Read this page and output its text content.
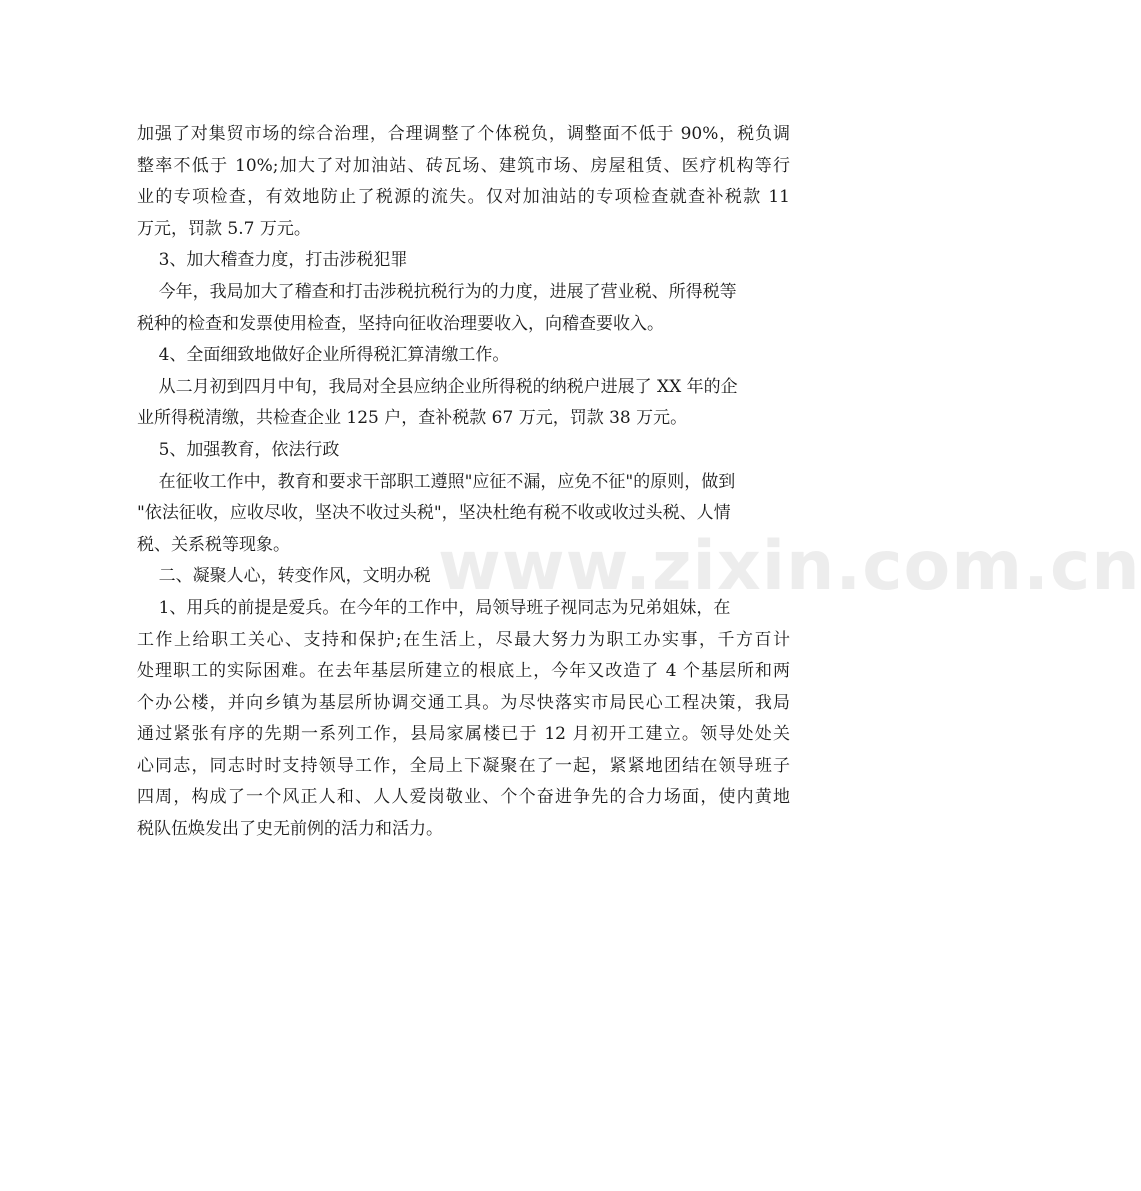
加强了对集贸市场的综合治理，合理调整了个体税负，调整面不低于 90%，税负调
整率不低于 10%;加大了对加油站、砖瓦场、建筑市场、房屋租赁、医疗机构等行
业的专项检查，有效地防止了税源的流失。仅对加油站的专项检查就查补税款 11
万元，罚款 5.7 万元。
3、加大稽查力度，打击涉税犯罪
今年，我局加大了稽查和打击涉税抗税行为的力度，进展了营业税、所得税等
税种的检查和发票使用检查，坚持向征收治理要收入，向稽查要收入。
4、全面细致地做好企业所得税汇算清缴工作。
从二月初到四月中旬，我局对全县应纳企业所得税的纳税户进展了 XX 年的企
业所得税清缴，共检查企业 125 户，查补税款 67 万元，罚款 38 万元。
5、加强教育，依法行政
在征收工作中，教育和要求干部职工遵照"应征不漏，应免不征"的原则，做到
"依法征收，应收尽收，坚决不收过头税"，坚决杜绝有税不收或收过头税、人情
税、关系税等现象。
二、凝聚人心，转变作风，文明办税
1、用兵的前提是爱兵。在今年的工作中，局领导班子视同志为兄弟姐妹，在
工作上给职工关心、支持和保护;在生活上，尽最大努力为职工办实事，千方百计
处理职工的实际困难。在去年基层所建立的根底上，今年又改造了 4 个基层所和两
个办公楼，并向乡镇为基层所协调交通工具。为尽快落实市局民心工程决策，我局
通过紧张有序的先期一系列工作，县局家属楼已于 12 月初开工建立。领导处处关
心同志，同志时时支持领导工作，全局上下凝聚在了一起，紧紧地团结在领导班子
四周，构成了一个风正人和、人人爱岗敬业、个个奋进争先的合力场面，使内黄地
税队伍焕发出了史无前例的活力和活力。
www.zixin.com.cn
